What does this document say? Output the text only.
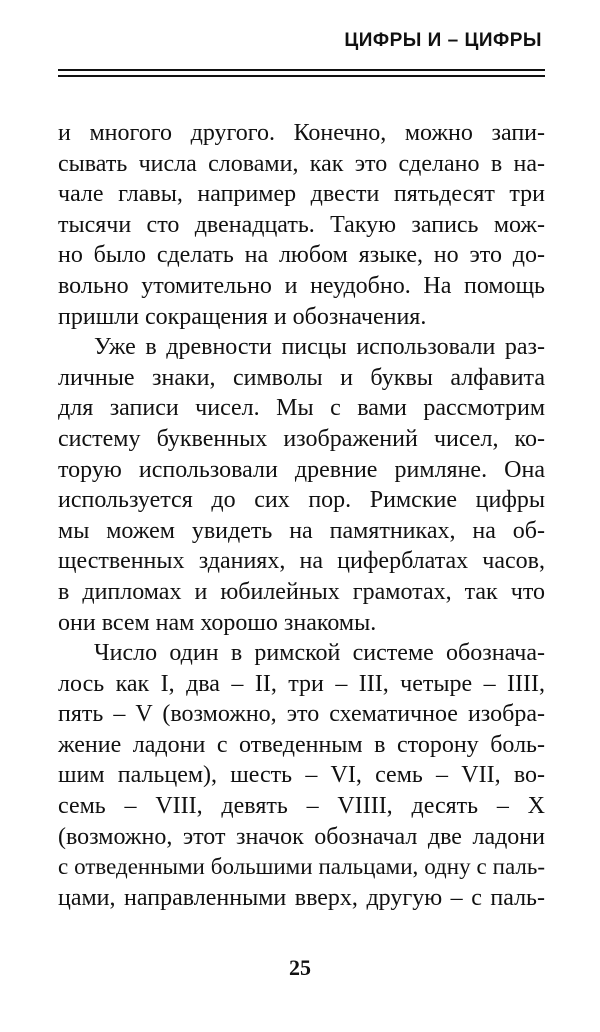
ЦИФРЫ И – ЦИФРЫ
и многого другого. Конечно, можно запи-
сывать числа словами, как это сделано в на-
чале главы, например двести пятьдесят три
тысячи сто двенадцать. Такую запись мож-
но было сделать на любом языке, но это до-
вольно утомительно и неудобно. На помощь
пришли сокращения и обозначения.
Уже в древности писцы использовали раз-
личные знаки, символы и буквы алфавита
для записи чисел. Мы с вами рассмотрим
систему буквенных изображений чисел, ко-
торую использовали древние римляне. Она
используется до сих пор. Римские цифры
мы можем увидеть на памятниках, на об-
щественных зданиях, на циферблатах часов,
в дипломах и юбилейных грамотах, так что
они всем нам хорошо знакомы.
Число один в римской системе обознача-
лось как I, два – II, три – III, четыре – IIII,
пять – V (возможно, это схематичное изобра-
жение ладони с отведенным в сторону боль-
шим пальцем), шесть – VI, семь – VII, во-
семь – VIII, девять – VIIII, десять – X
(возможно, этот значок обозначал две ладони
с отведенными большими пальцами, одну с паль-
цами, направленными вверх, другую – с паль-
25
